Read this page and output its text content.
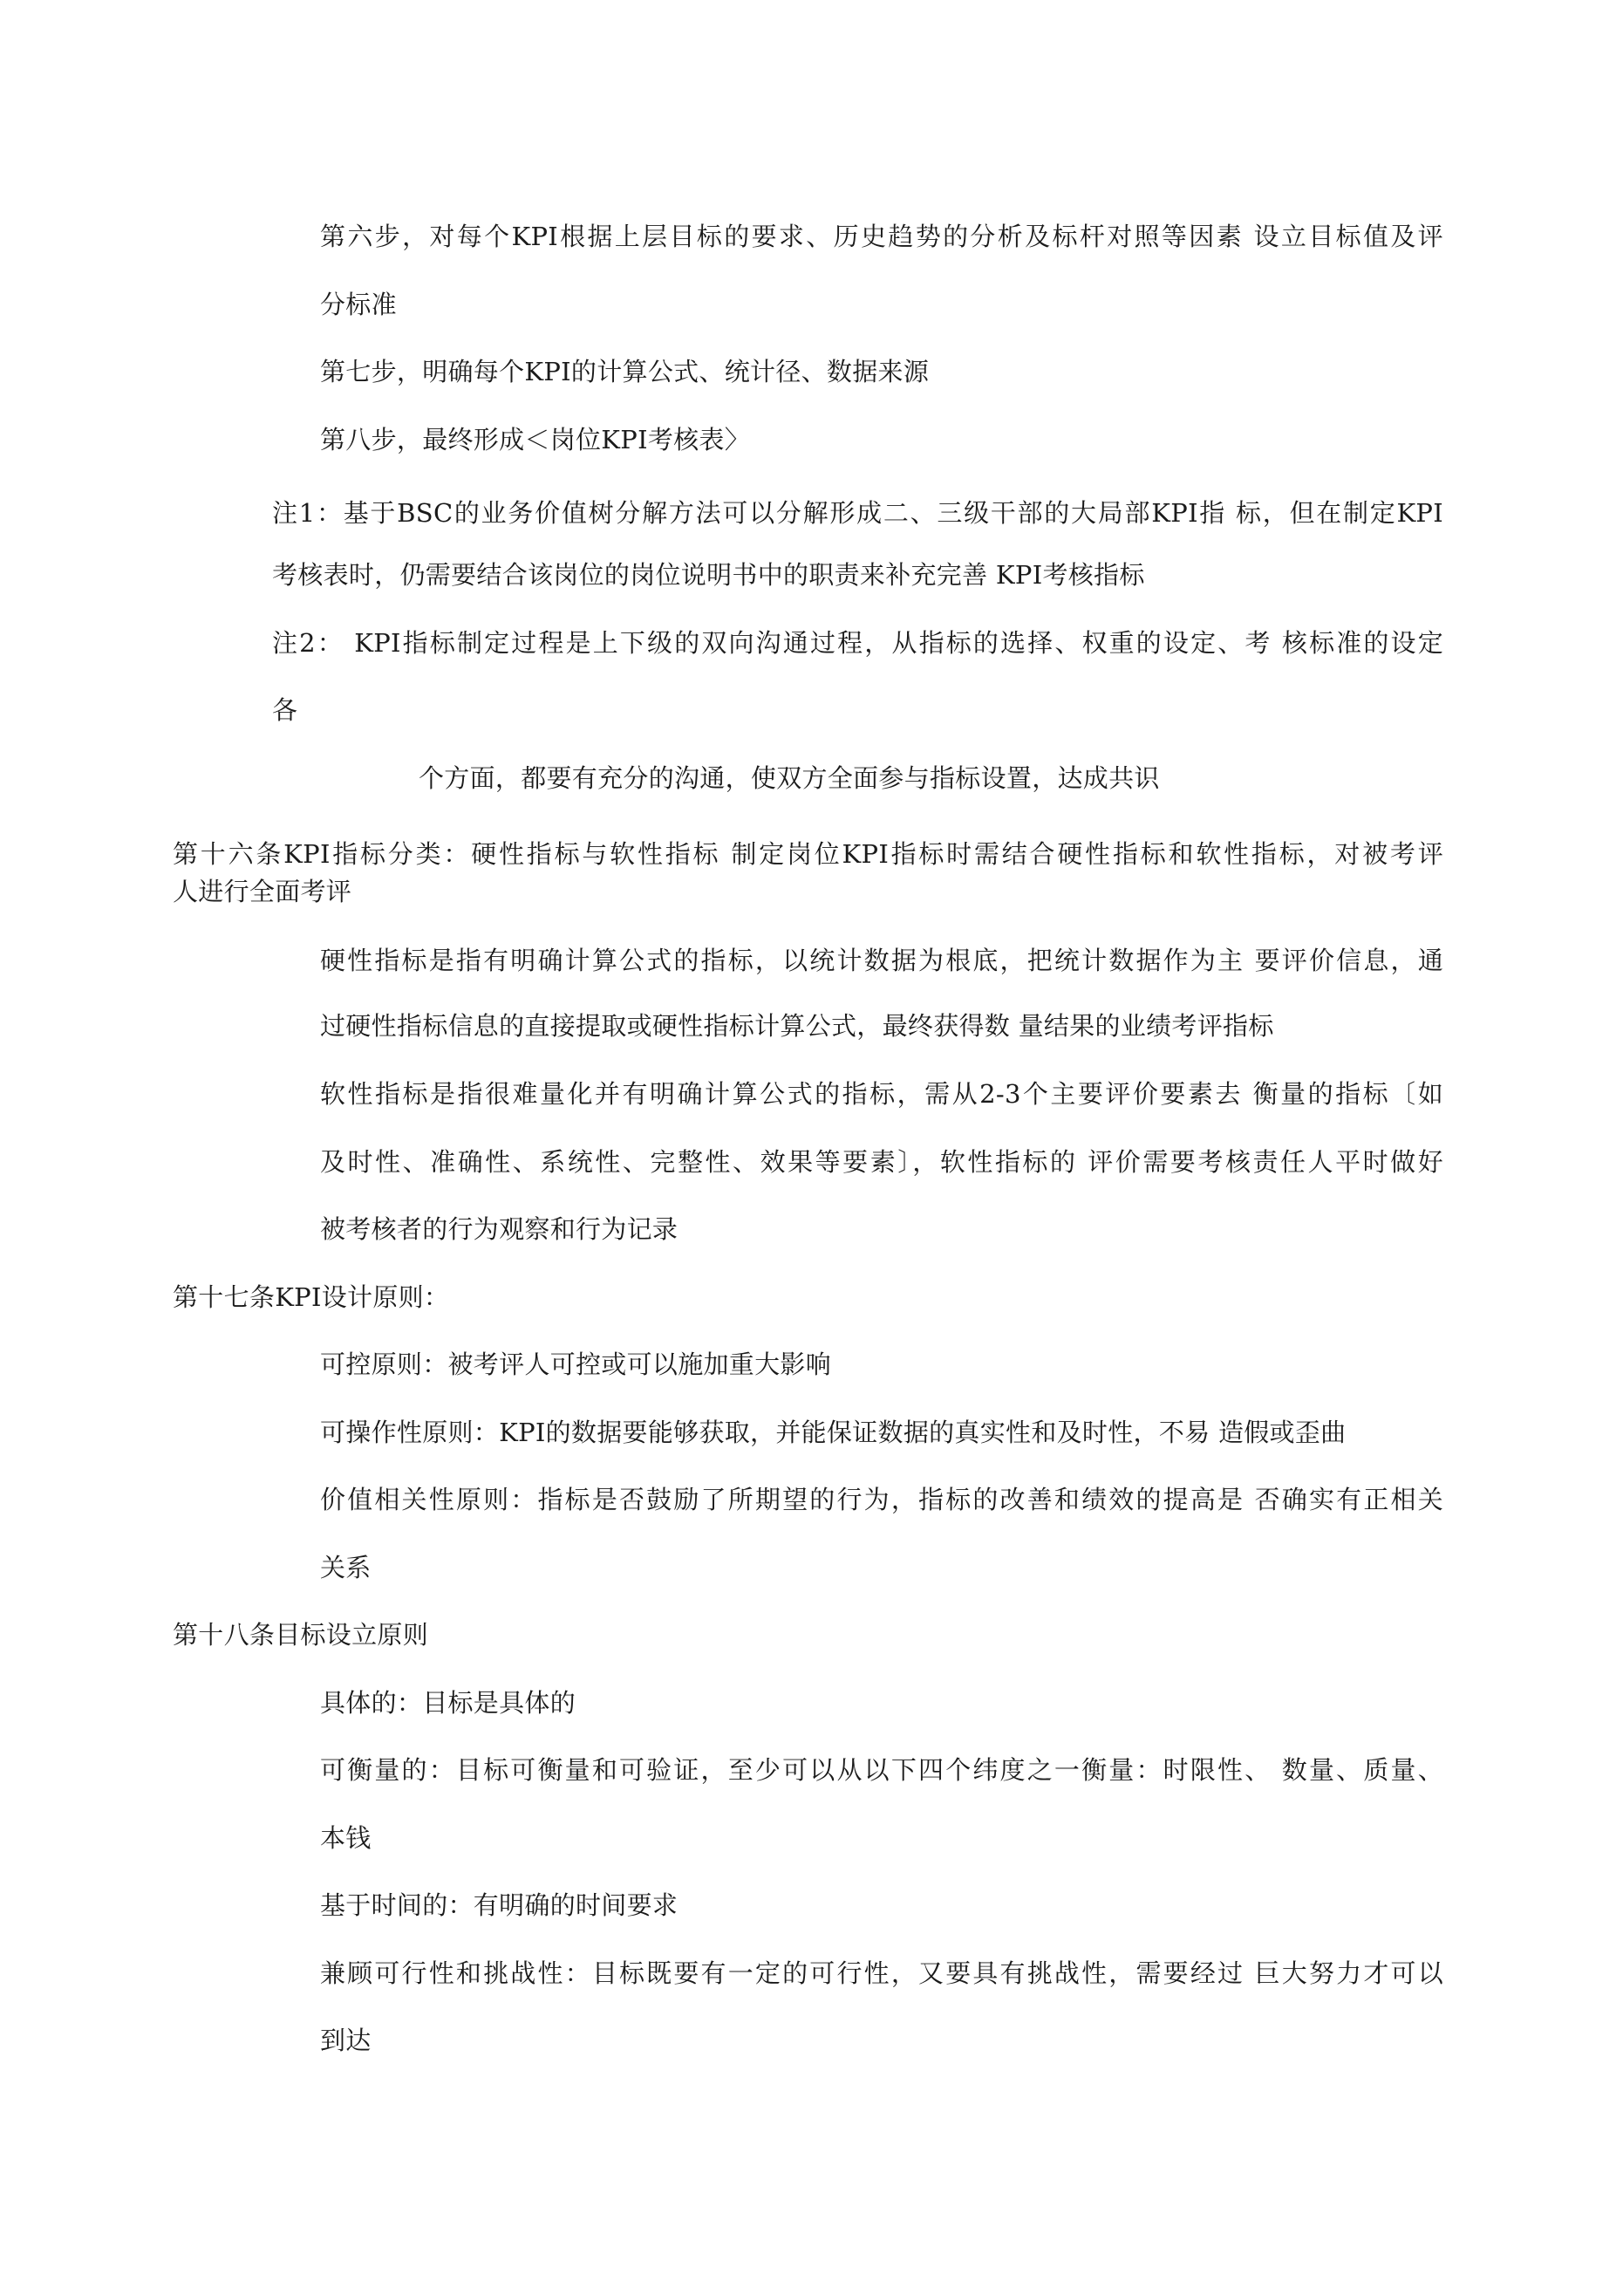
第六步，对每个KPI根据上层目标的要求、历史趋势的分析及标杆对照等因素 设立目标值及评
分标准
第七步，明确每个KPI的计算公式、统计径、数据来源
第八步，最终形成＜岗位KPI考核表〉
注1：基于BSC的业务价值树分解方法可以分解形成二、三级干部的大局部KPI指 标，但在制定KPI
考核表时，仍需要结合该岗位的岗位说明书中的职责来补充完善 KPI考核指标
注2： KPI指标制定过程是上下级的双向沟通过程，从指标的选择、权重的设定、考 核标准的设定
各
个方面，都要有充分的沟通，使双方全面参与指标设置，达成共识
第十六条KPI指标分类：硬性指标与软性指标 制定岗位KPI指标时需结合硬性指标和软性指标，对被考评
人进行全面考评
硬性指标是指有明确计算公式的指标，以统计数据为根底，把统计数据作为主 要评价信息，通
过硬性指标信息的直接提取或硬性指标计算公式，最终获得数 量结果的业绩考评指标
软性指标是指很难量化并有明确计算公式的指标，需从2-3个主要评价要素去 衡量的指标〔如
及时性、准确性、系统性、完整性、效果等要素〕，软性指标的 评价需要考核责任人平时做好
被考核者的行为观察和行为记录
第十七条KPI设计原则：
可控原则：被考评人可控或可以施加重大影响
可操作性原则：KPI的数据要能够获取，并能保证数据的真实性和及时性，不易 造假或歪曲
价值相关性原则：指标是否鼓励了所期望的行为，指标的改善和绩效的提高是 否确实有正相关
关系
第十八条目标设立原则
具体的：目标是具体的
可衡量的：目标可衡量和可验证，至少可以从以下四个纬度之一衡量：时限性、 数量、质量、
本钱
基于时间的：有明确的时间要求
兼顾可行性和挑战性：目标既要有一定的可行性，又要具有挑战性，需要经过 巨大努力才可以
到达
